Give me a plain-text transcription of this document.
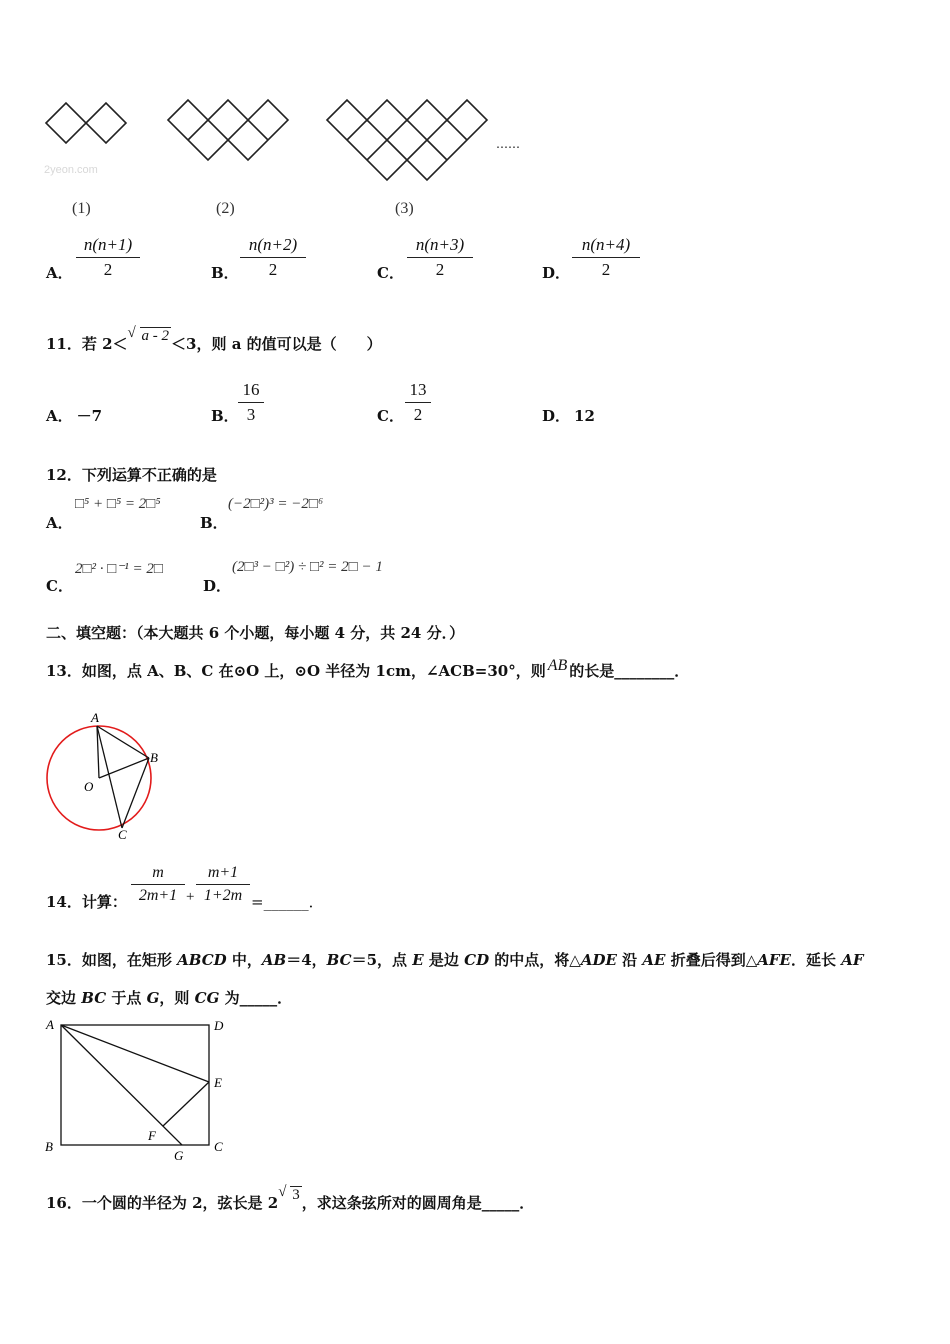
2yeon.com
……
(1)	(2)	(3)
A．
n(n+1)
2	B．
n(n+2)
2	C．
n(n+3)
2	D．
n(n+4)
2
11．若 2＜
√ a - 2 ＜3，则 a 的值可以是（　　）
A． －7	B．
16
3	C．
13
2	D． 12
12．下列运算不正确的是
A．
□⁵ + □⁵ = 2□⁵
B．
(−2□²)³ = −2□⁶
C．
2□² · □⁻¹ = 2□
D．
(2□³ − □²) ÷ □² = 2□ − 1
二、填空题：（本大题共 6 个小题，每小题 4 分，共 24 分．）
13．如图，点 A、B、C 在⊙O 上，⊙O 半径为 1cm，∠ACB=30°，则 AB 的长是________．
A
B
O
C
14．计算：
m
2m+1 +
m+1
1+2m =______．
15．如图，在矩形 ABCD 中，AB＝4，BC＝5，点 E 是边 CD 的中点，将△ADE 沿 AE 折叠后得到△AFE．延长 AF
交边 BC 于点 G，则 CG 为_____．
A	D
E
B
F
G
C
16．一个圆的半径为 2，弦长是 2
√ 3 ，求这条弦所对的圆周角是_____．
